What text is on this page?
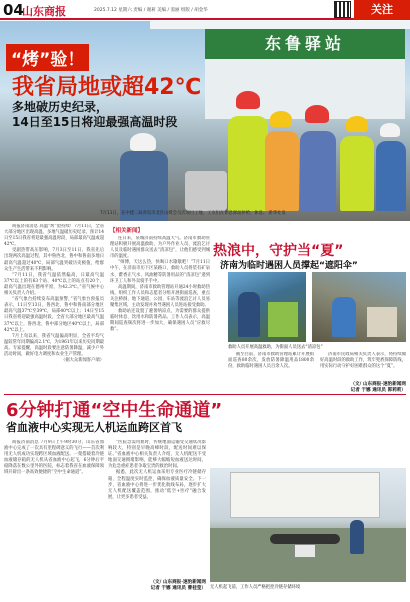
04
山东商报	2025.7.12 星期六 责编 / 谢莉 美编 / 窦丽 组版 / 胡金华	关注
东鲁驿站
“烤”验！
我省局地或超42℃
多地破历史纪录，
14日至15日将迎最强高温时段
7月11日，在中建二局青岛市北区山姆会员店项目工地，工友们在休息驿站补给、休息。 新华社发

商报济南消息 高温“烤”验持续！7月11日，全省大部分地区出现高温，多地气温破历史纪录，预计14日至15日我省将迎最强高温时段，局部最高气温或超42℃。

受副热带高压影响，7月3日至11日，我省先后出现两次高温过程，其中鲁西北、鲁中和鲁南多地日最高气温超过40℃，局部气温突破历史极值，给群众生产生活带来不利影响。

“7月11日，我省气温依然偏高，日最高气温37℃以上的有63个站，40℃以上的站点有20个，最高气温出现在德州平原，为42.3℃。”省气候中心相关负责人介绍。

“省气象台持续发布高温预警，”省气象台预报员表示，11日至13日，鲁西北、鲁中和鲁南部分地区最高气温37℃至39℃，局部40℃以上；14日至15日我省将迎最强高温时段，全省大部分地区最高气温37℃以上，鲁西北、鲁中部分地区40℃以上，局部42℃以上。

7月上旬以来，我省气温偏高明显，全省平均气温较常年同期偏高2.1℃，为1961年以来历史同期最高。专家提醒，高温时段要注意防暑降温，减少户外活动时间，做好电力调度和农业生产管理。

（据大众新闻客户端）

【相关新闻】
热浪中，守护当“夏”
济南为临时遇困人员撑起“遮阳伞”

连日来，泉城济南持续高温天气。济南市救助管理站积极开展高温救助，为户外作业人员、流浪乞讨人员及临时遇困群众送去“清凉包”，让他们感受到城市的温度。

“师傅，天这么热，快喝口水歇歇吧！”7月11日中午，在济南市历下区某路口，救助人员将装有矿泉水、藿香正气水、风油精等防暑用品的“清凉包”递到环卫工人和外卖骑手手中。

高温期间，济南市救助管理站开通24小时救助热线，组织工作人员和志愿者分组开展街面巡查，重点关注桥洞、地下通道、公园、车站等流浪乞讨人员易聚集区域，主动发现并劝导遇困人员进站接受救助。

救助站还设置了避暑纳凉点，为需要的群众提供临时休息、饮用水和防暑药品。工作人员表示，高温期间巡查频次将进一步加大，确保遇困人员“应救尽救”。

救助人员开展高温救助，为街面人员送去“清凉包”

截至目前，济南市救助管理站累计开展街面巡查80余次，发放防暑降温用品1800余份，救助临时遇困人员百余人次。

济南市民政局相关负责人表示，将持续做好高温时段的救助工作，筑牢兜底保障防线，用实际行动守护好困难群众的这个“夏”。

（文/ 山东商报·速豹新闻网
记者 于娜 通讯员 郭莉莉）
6分钟打通“空中生命通道”
省血液中心实现无人机运血跨区首飞

商报济南消息 7月9日上午9时30分，山东省血液中心完成了一次具有里程碑意义的飞行——首次利用无人机成功实现跨区域血液配送。一架搭载着冷链血液储存箱的无人机从省血液中心起飞，6分钟后平稳降落在数公里外的医院，标志着我省在血液保障领域开辟出一条高效便捷的“空中生命通道”。

“医院急需用血时，传统地面运输受交通状况影响较大，特别是早晚高峰时段，配送时间难以保证。”省血液中心相关负责人介绍，无人机配送不受地面交通拥堵影响，能够大幅缩短血液送达时间，为危急重症患者争取宝贵的救治时间。

据悉，此次无人机运血采用专业医疗冷链储存箱，全程温度实时监控，确保血液质量安全。下一步，省血液中心将进一步优化航线布局，逐步扩大无人机配送覆盖范围，推动“低空+医疗”融合发展，让更多患者受益。

（文/ 山东商报·速豹新闻网
记者 于娜 通讯员 曹桂莹） 无人机起飞前，工作人员严格把控冷链存储环境
